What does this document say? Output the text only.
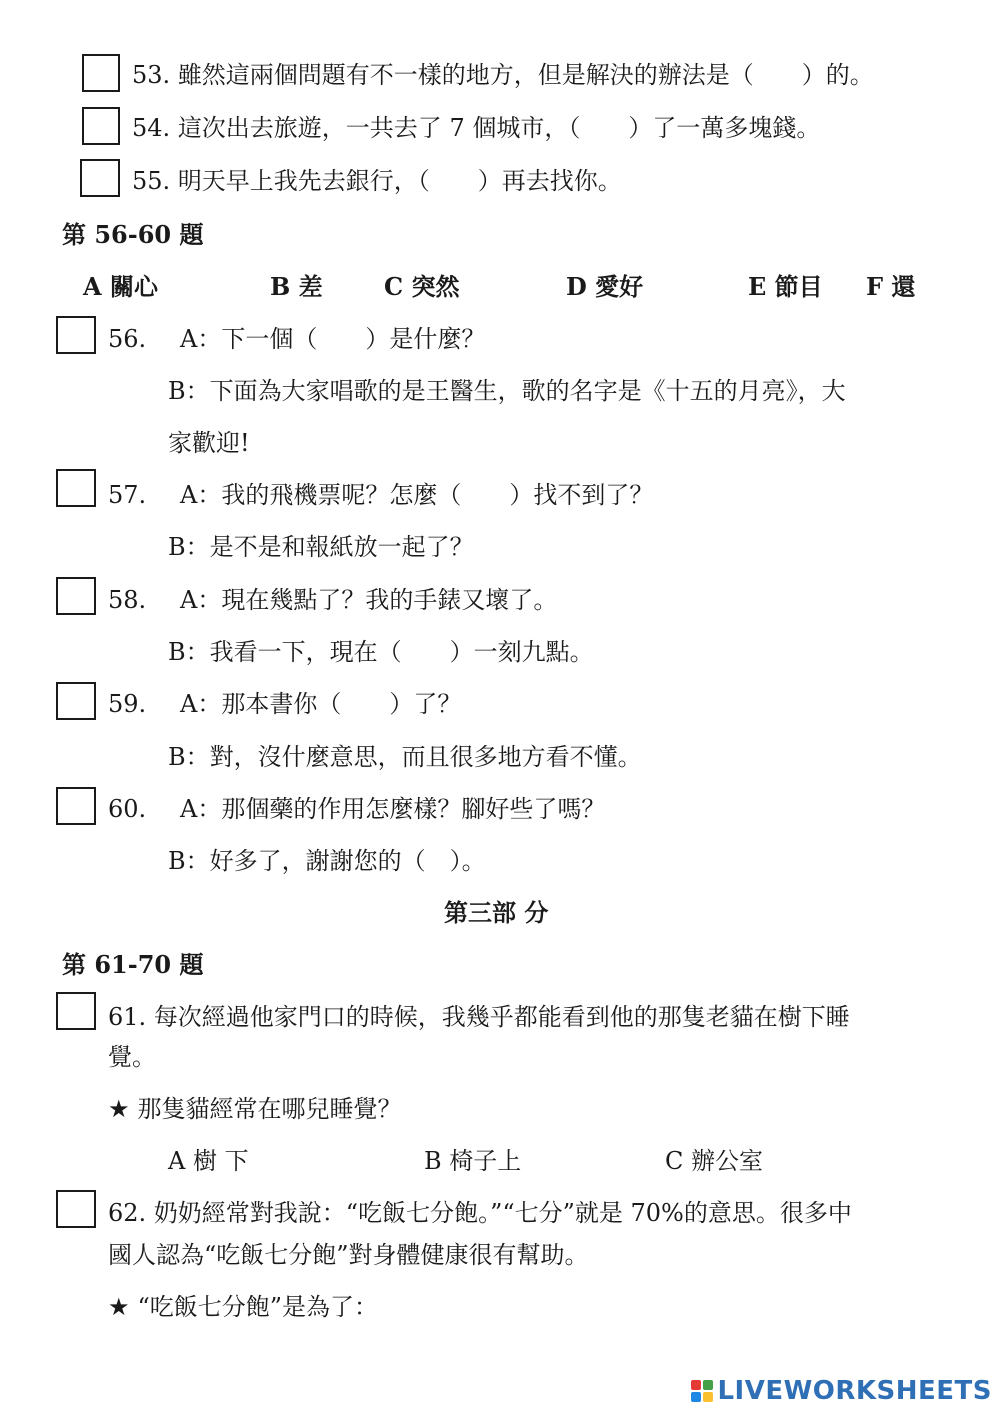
53. 雖然這兩個問題有不一樣的地方，但是解決的辦法是（　　）的。
54. 這次出去旅遊，一共去了 7 個城市，（　　）了一萬多塊錢。
55. 明天早上我先去銀行，（　　）再去找你。
第 56-60 題
A 關心	B 差	C 突然	D 愛好	E 節目 F 還
56. A：下一個（　　）是什麼？
B：下面為大家唱歌的是王醫生，歌的名字是《十五的月亮》，大
家歡迎!
57. A：我的飛機票呢？怎麼（　　）找不到了？
B：是不是和報紙放一起了？
58. A：現在幾點了？我的手錶又壞了。
B：我看一下，現在（　　）一刻九點。
59. A：那本書你（　　）了？
B：對，沒什麼意思，而且很多地方看不懂。
60. A：那個藥的作用怎麼樣？腳好些了嗎？
B：好多了，謝謝您的（　）。
第三部 分
第 61-70 題
61. 每次經過他家門口的時候，我幾乎都能看到他的那隻老貓在樹下睡
覺。
★ 那隻貓經常在哪兒睡覺？
A 樹 下	B 椅子上	C 辦公室
62. 奶奶經常對我說：“吃飯七分飽。”“七分”就是 70%的意思。很多中
國人認為“吃飯七分飽”對身體健康很有幫助。
★ “吃飯七分飽”是為了：
LIVEWORKSHEETS
